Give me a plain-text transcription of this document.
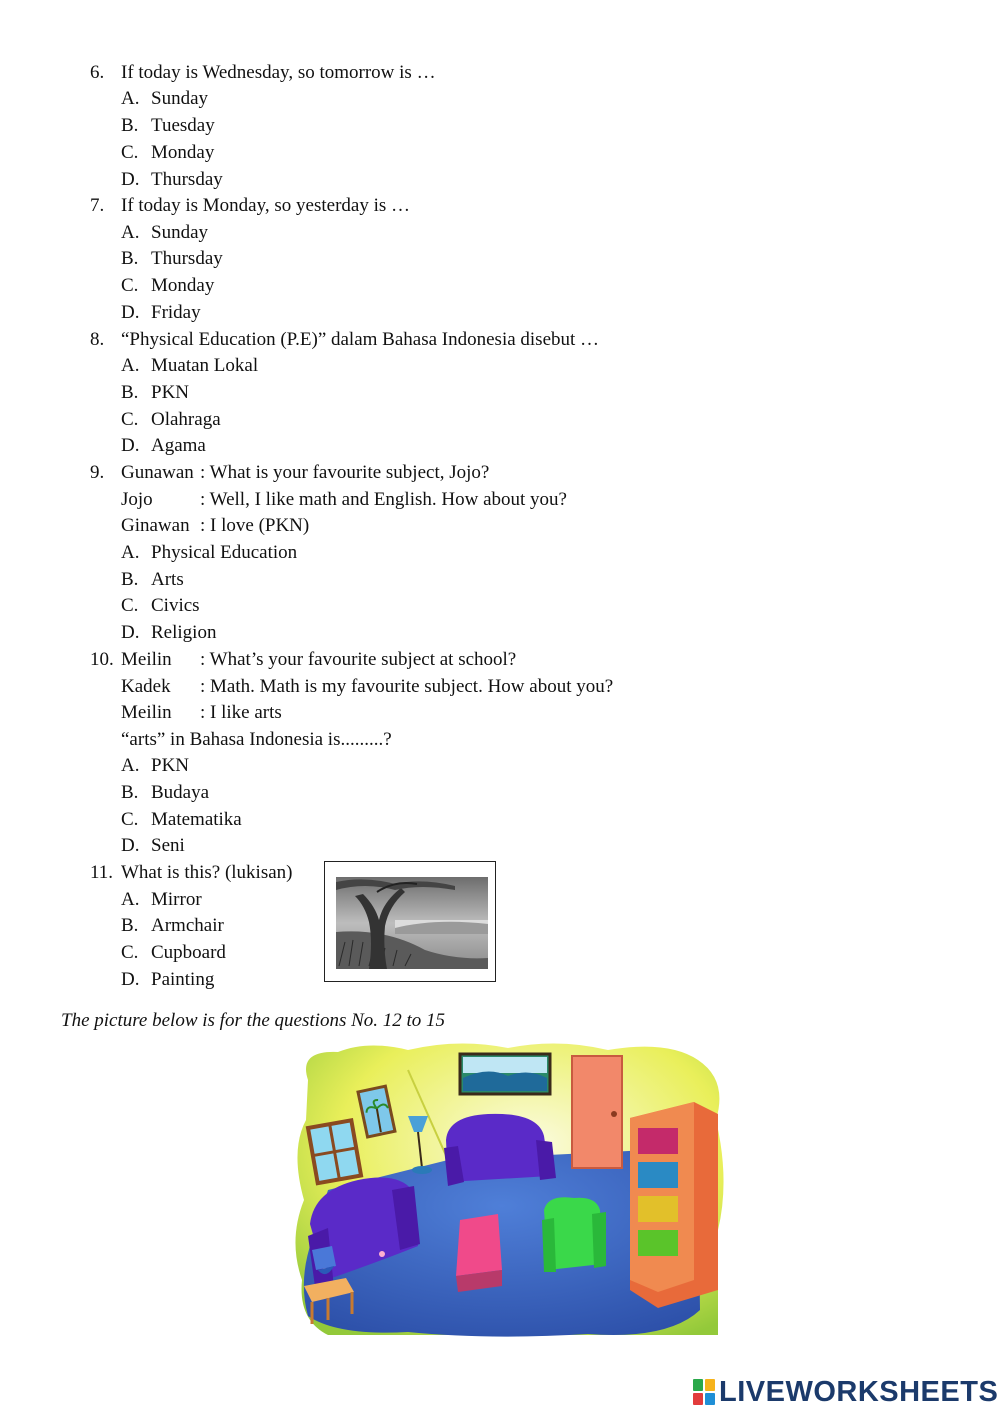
6. If today is Wednesday, so tomorrow is …
A. Sunday
B. Tuesday
C. Monday
D. Thursday
7. If today is Monday, so yesterday is …
A. Sunday
B. Thursday
C. Monday
D. Friday
8. “Physical Education (P.E)” dalam Bahasa Indonesia disebut …
A. Muatan Lokal
B. PKN
C. Olahraga
D. Agama
9. Gunawan : What is your favourite subject, Jojo?
Jojo : Well, I like math and English. How about you?
Ginawan : I love (PKN)
A. Physical Education
B. Arts
C. Civics
D. Religion
10. Meilin : What’s your favourite subject at school?
Kadek : Math. Math is my favourite subject. How about you?
Meilin : I like arts
“arts” in Bahasa Indonesia is.........?
A. PKN
B. Budaya
C. Matematika
D. Seni
11. What is this? (lukisan)
A. Mirror
B. Armchair
C. Cupboard
D. Painting
The picture below is for the questions No. 12 to 15
LIVEWORKSHEETS
